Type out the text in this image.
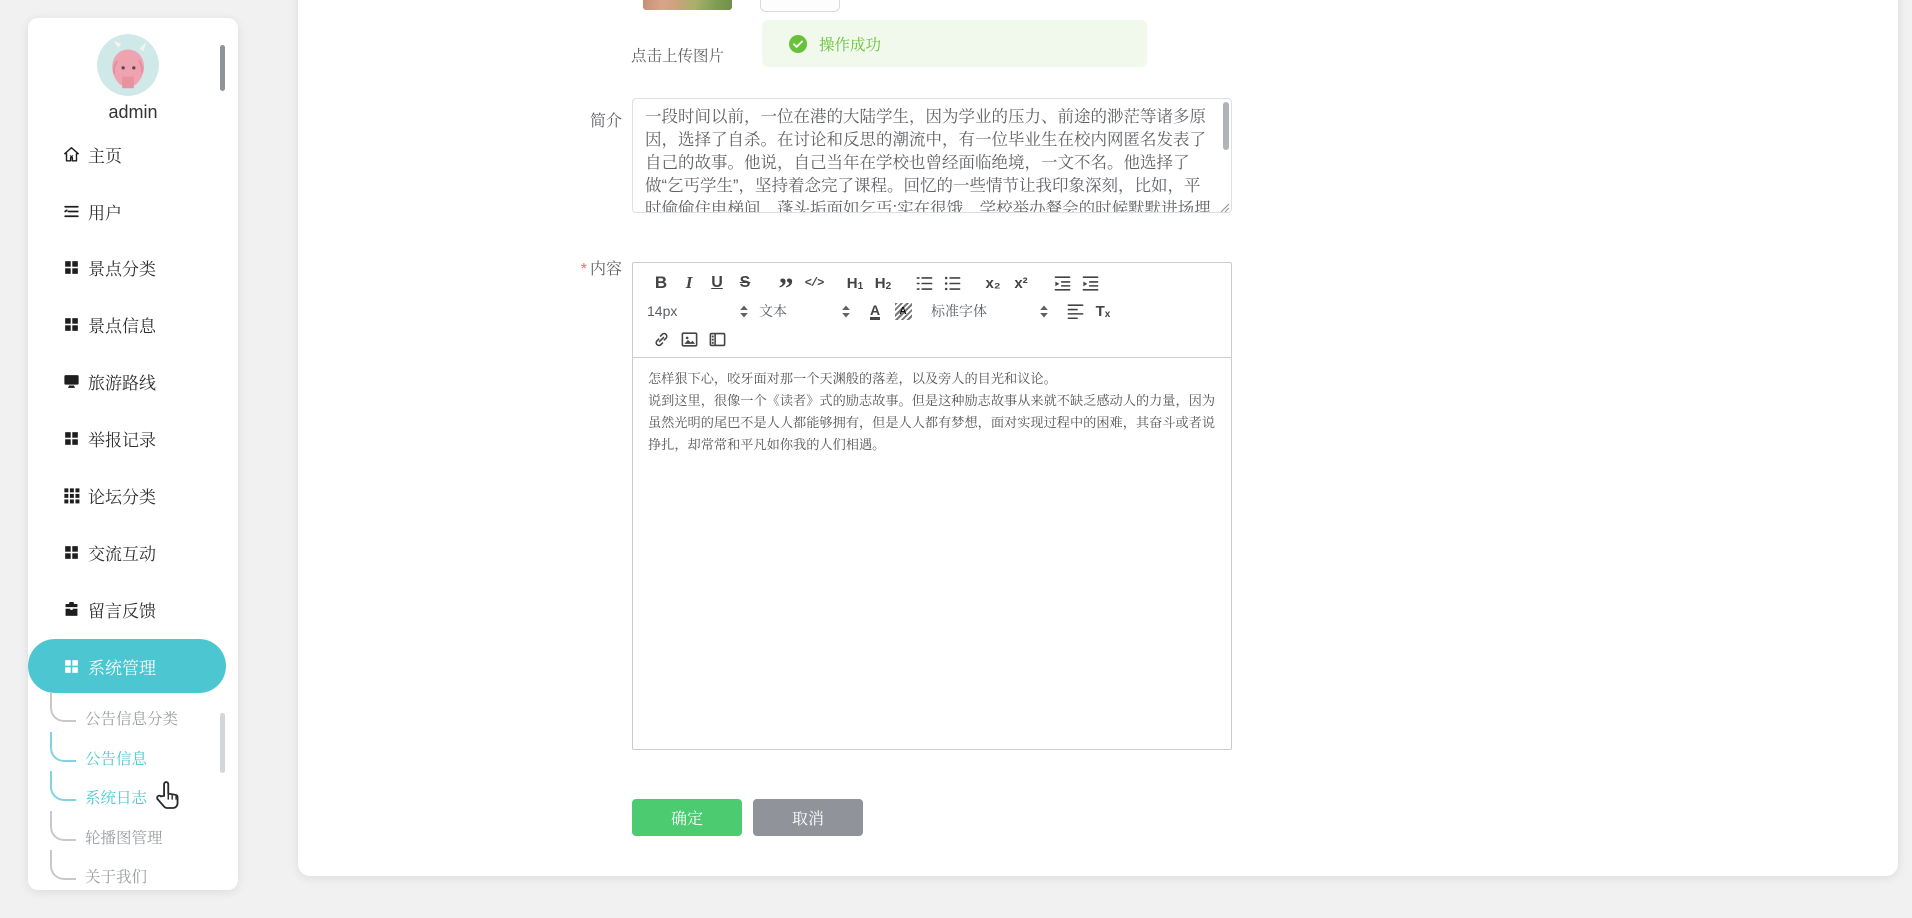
admin
主页
用户
景点分类
景点信息
旅游路线
举报记录
论坛分类
交流互动
留言反馈
系统管理
公告信息分类
公告信息
系统日志
轮播图管理
关于我们
点击上传图片
操作成功
简介
一段时间以前，一位在港的大陆学生，因为学业的压力、前途的渺茫等诸多原因，选择了自杀。在讨论和反思的潮流中，有一位毕业生在校内网匿名发表了自己的故事。他说，自己当年在学校也曾经面临绝境，一文不名。他选择了做“乞丐学生”，坚持着念完了课程。回忆的一些情节让我印象深刻，比如，平时偷偷住电梯间，蓬头垢面如乞丐;实在很饿，学校举办餐会的时候默默进场埋头大吃
* 内容
B I U S ” </> H 1 H 2	x₂ x²
14px	文本	A	A	标准字体	T x

怎样狠下心，咬牙面对那一个天渊般的落差，以及旁人的目光和议论。

说到这里，很像一个《读者》式的励志故事。但是这种励志故事从来就不缺乏感动人的力量，因为虽然光明的尾巴不是人人都能够拥有，但是人人都有梦想，面对实现过程中的困难，其奋斗或者说挣扎，却常常和平凡如你我的人们相遇。

确定	取消
